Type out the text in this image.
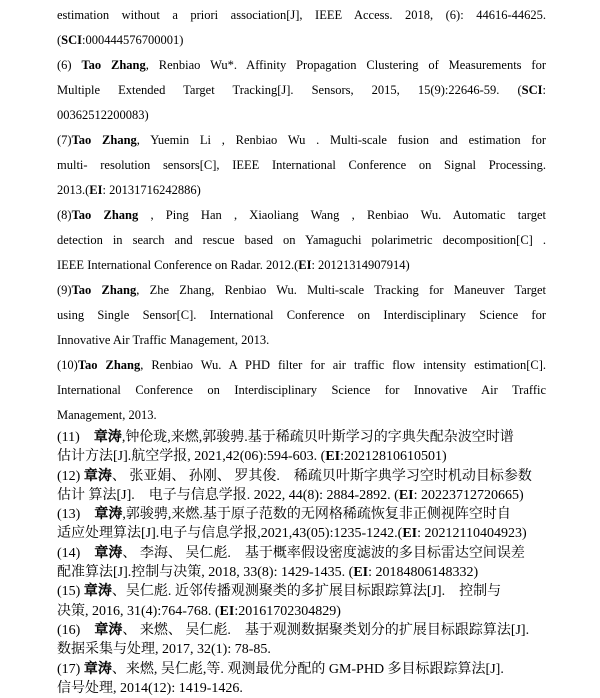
estimation without a priori association[J], IEEE Access. 2018, (6): 44616-44625.
(SCI:000444576700001)

(6) Tao Zhang, Renbiao Wu*. Affinity Propagation Clustering of Measurements for
Multiple Extended Target Tracking[J]. Sensors, 2015, 15(9):22646-59. (SCI:
00362512200083)

(7)Tao Zhang, Yuemin Li , Renbiao Wu . Multi-scale fusion and estimation for
multi- resolution sensors[C], IEEE International Conference on Signal Processing.
2013.(EI: 20131716242886)

(8)Tao Zhang , Ping Han , Xiaoliang Wang , Renbiao Wu. Automatic target
detection in search and rescue based on Yamaguchi polarimetric decomposition[C] .
IEEE International Conference on Radar. 2012.(EI: 20121314907914)

(9)Tao Zhang, Zhe Zhang, Renbiao Wu. Multi-scale Tracking for Maneuver Target
using Single Sensor[C]. International Conference on Interdisciplinary Science for
Innovative Air Traffic Management, 2013.

(10)Tao Zhang, Renbiao Wu. A PHD filter for air traffic flow intensity estimation[C].
International Conference on Interdisciplinary Science for Innovative Air Traffic
Management, 2013.

(11)　章涛,钟伦珑,来燃,郭骏骋.基于稀疏贝叶斯学习的字典失配杂波空时谱
估计方法[J].航空学报, 2021,42(06):594-603. (EI:20212810610501)

(12) 章涛、 张亚娟、 孙刚、 罗其俊.　稀疏贝叶斯字典学习空时机动目标参数
估计 算法[J].　电子与信息学报. 2022, 44(8): 2884-2892. (EI: 20223712720665)

(13)　章涛,郭骏骋,来燃.基于原子范数的无网格稀疏恢复非正侧视阵空时自
适应处理算法[J].电子与信息学报,2021,43(05):1235-1242.(EI: 20212110404923)

(14)　章涛、 李海、 吴仁彪.　基于概率假设密度滤波的多目标雷达空间误差
配准算法[J].控制与决策, 2018, 33(8): 1429-1435. (EI: 20184806148332)

(15) 章涛、吴仁彪. 近邻传播观测聚类的多扩展目标跟踪算法[J].　控制与
决策, 2016, 31(4):764-768. (EI:20161702304829)

(16)　章涛、 来燃、 吴仁彪.　基于观测数据聚类划分的扩展目标跟踪算法[J].
数据采集与处理, 2017, 32(1): 78-85.

(17) 章涛、来燃, 吴仁彪,等. 观测最优分配的 GM-PHD 多目标跟踪算法[J].
信号处理, 2014(12): 1419-1426.
